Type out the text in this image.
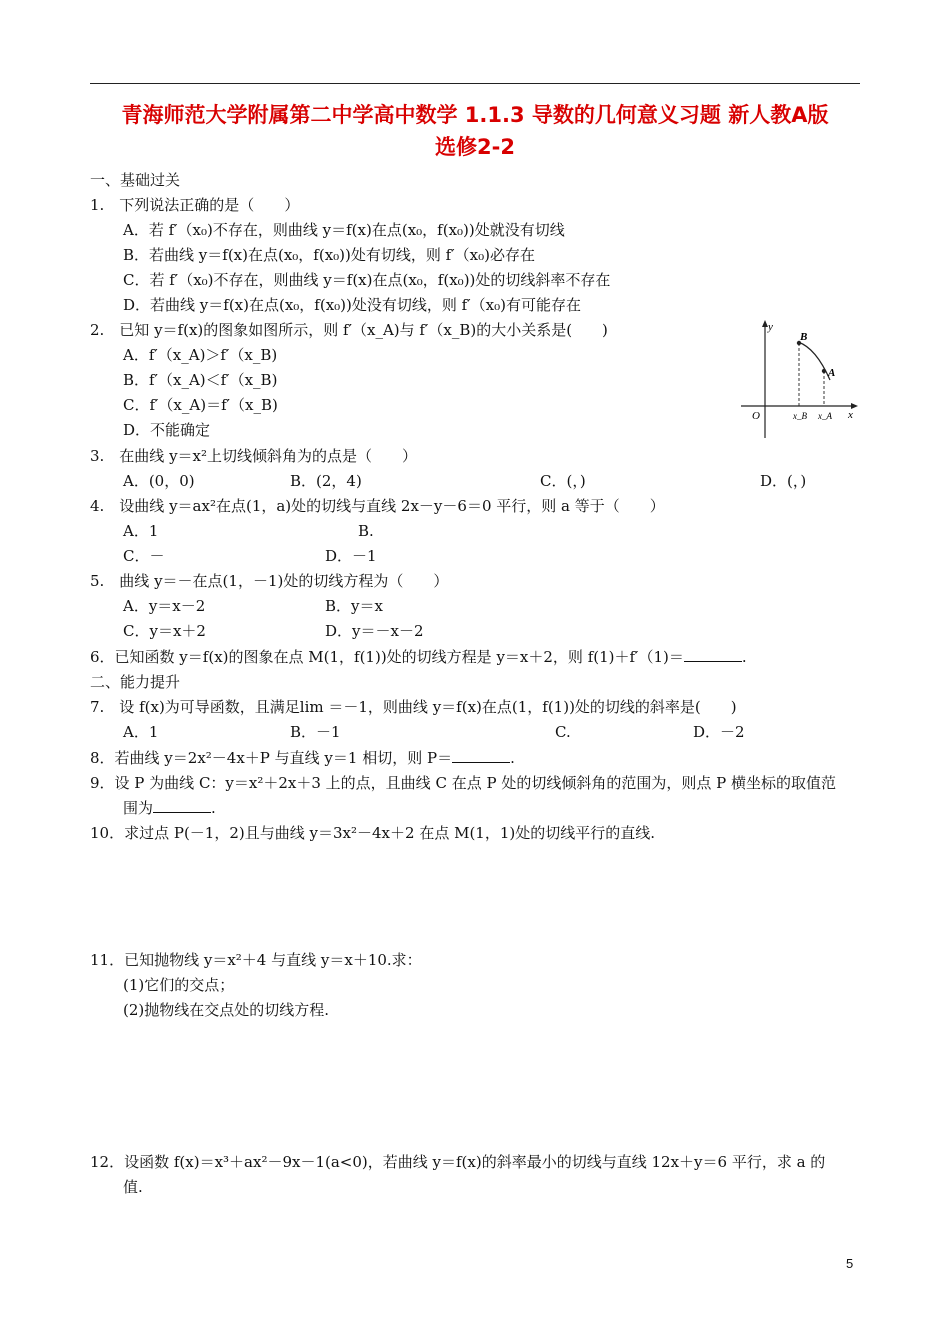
青海师范大学附属第二中学高中数学 1.1.3 导数的几何意义习题 新人教A版
选修2-2
一、基础过关
1.　下列说法正确的是（　　）
A．若 f′（x₀)不存在，则曲线 y＝f(x)在点(x₀，f(x₀))处就没有切线
B．若曲线 y＝f(x)在点(x₀，f(x₀))处有切线，则 f′（x₀)必存在
C．若 f′（x₀)不存在，则曲线 y＝f(x)在点(x₀，f(x₀))处的切线斜率不存在
D．若曲线 y＝f(x)在点(x₀，f(x₀))处没有切线，则 f′（x₀)有可能存在
2.　已知 y＝f(x)的图象如图所示，则 f′（x_A)与 f′（x_B)的大小关系是(　　)
A．f′（x_A)＞f′（x_B)
B．f′（x_A)＜f′（x_B)
C．f′（x_A)＝f′（x_B)
D．不能确定
y
x
O
B
A
x_B x_A
3.　在曲线 y＝x²上切线倾斜角为的点是（　　）
A．(0，0)	B．(2，4)	C．(，)	D．(，)
4.　设曲线 y＝ax²在点(1，a)处的切线与直线 2x－y－6＝0 平行，则 a 等于（　　）
A．1	B.
C．－	D．－1
5.　曲线 y＝－在点(1，－1)处的切线方程为（　　）
A．y＝x－2	B．y＝x
C．y＝x＋2	D．y＝－x－2
6．已知函数 y＝f(x)的图象在点 M(1，f(1))处的切线方程是 y＝x＋2，则 f(1)＋f′（1)＝	.
二、能力提升
7.　设 f(x)为可导函数，且满足lim ＝－1，则曲线 y＝f(x)在点(1，f(1))处的切线的斜率是(　　)
A．1	B．－1	C.	D．－2
8．若曲线 y＝2x²－4x＋P 与直线 y＝1 相切，则 P＝	.
9．设 P 为曲线 C：y＝x²＋2x＋3 上的点，且曲线 C 在点 P 处的切线倾斜角的范围为，则点 P 横坐标的取值范
围为	.
10．求过点 P(－1，2)且与曲线 y＝3x²－4x＋2 在点 M(1，1)处的切线平行的直线.
11．已知抛物线 y＝x²＋4 与直线 y＝x＋10.求：
(1)它们的交点；
(2)抛物线在交点处的切线方程.
12．设函数 f(x)＝x³＋ax²－9x－1(a<0)，若曲线 y＝f(x)的斜率最小的切线与直线 12x＋y＝6 平行，求 a 的
值.
5
